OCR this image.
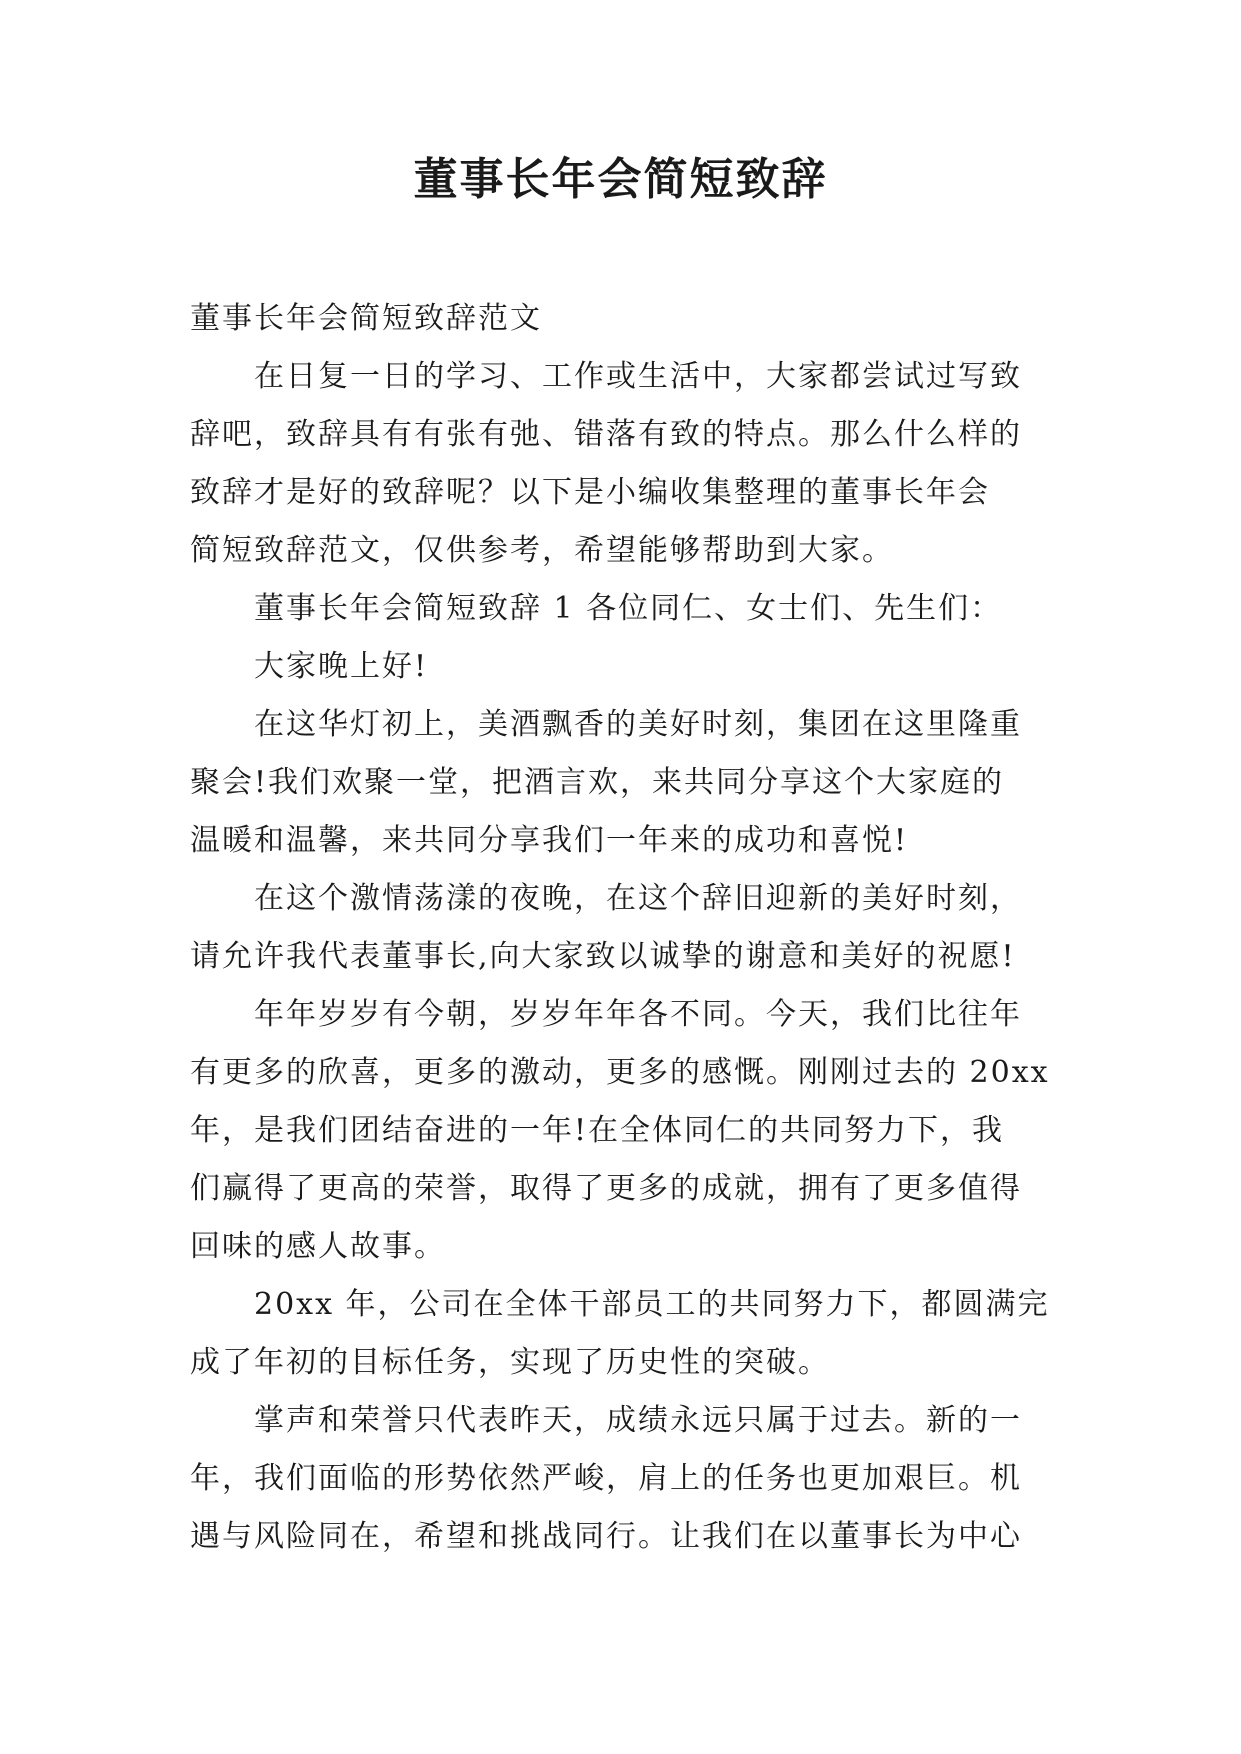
董事长年会简短致辞

董事长年会简短致辞范文

在日复一日的学习、工作或生活中，大家都尝试过写致

辞吧，致辞具有有张有弛、错落有致的特点。那么什么样的

致辞才是好的致辞呢？以下是小编收集整理的董事长年会

简短致辞范文，仅供参考，希望能够帮助到大家。

董事长年会简短致辞 1 各位同仁、女士们、先生们：

大家晚上好!

在这华灯初上，美酒飘香的美好时刻，集团在这里隆重

聚会!我们欢聚一堂，把酒言欢，来共同分享这个大家庭的

温暖和温馨，来共同分享我们一年来的成功和喜悦!

在这个激情荡漾的夜晚，在这个辞旧迎新的美好时刻，

请允许我代表董事长,向大家致以诚挚的谢意和美好的祝愿!

年年岁岁有今朝，岁岁年年各不同。今天，我们比往年

有更多的欣喜，更多的激动，更多的感慨。刚刚过去的 20xx

年，是我们团结奋进的一年!在全体同仁的共同努力下，我

们赢得了更高的荣誉，取得了更多的成就，拥有了更多值得

回味的感人故事。

20xx 年，公司在全体干部员工的共同努力下，都圆满完

成了年初的目标任务，实现了历史性的突破。

掌声和荣誉只代表昨天，成绩永远只属于过去。新的一

年，我们面临的形势依然严峻，肩上的任务也更加艰巨。机

遇与风险同在，希望和挑战同行。让我们在以董事长为中心
